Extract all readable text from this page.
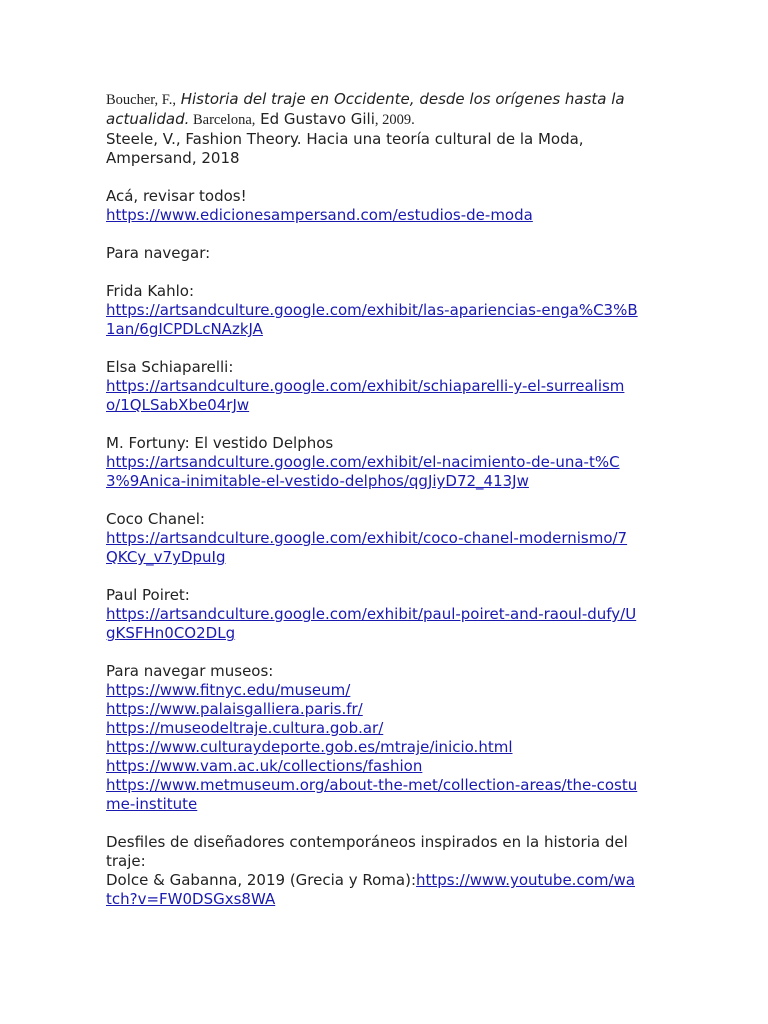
Boucher, F., Historia del traje en Occidente, desde los orígenes hasta la actualidad. Barcelona, Ed Gustavo Gili, 2009.

Steele, V., Fashion Theory. Hacia una teoría cultural de la Moda, Ampersand, 2018

Acá, revisar todos!

https://www.edicionesampersand.com/estudios-de-moda

Para navegar:

Frida Kahlo:

https://artsandculture.google.com/exhibit/las-apariencias-enga%C3%B1an/6gICPDLcNAzkJA

Elsa Schiaparelli:

https://artsandculture.google.com/exhibit/schiaparelli-y-el-surrealismo/1QLSabXbe04rJw

M. Fortuny: El vestido Delphos

https://artsandculture.google.com/exhibit/el-nacimiento-de-una-t%C3%9Anica-inimitable-el-vestido-delphos/qgJiyD72_413Jw

Coco Chanel:

https://artsandculture.google.com/exhibit/coco-chanel-modernismo/7QKCy_v7yDpuIg

Paul Poiret:

https://artsandculture.google.com/exhibit/paul-poiret-and-raoul-dufy/UgKSFHn0CO2DLg

Para navegar museos:

https://www.fitnyc.edu/museum/
https://www.palaisgalliera.paris.fr/
https://museodeltraje.cultura.gob.ar/
https://www.culturaydeporte.gob.es/mtraje/inicio.html
https://www.vam.ac.uk/collections/fashion
https://www.metmuseum.org/about-the-met/collection-areas/the-costume-institute

Desfiles de diseñadores contemporáneos inspirados en la historia del traje:

Dolce & Gabanna, 2019 (Grecia y Roma):https://www.youtube.com/watch?v=FW0DSGxs8WA
